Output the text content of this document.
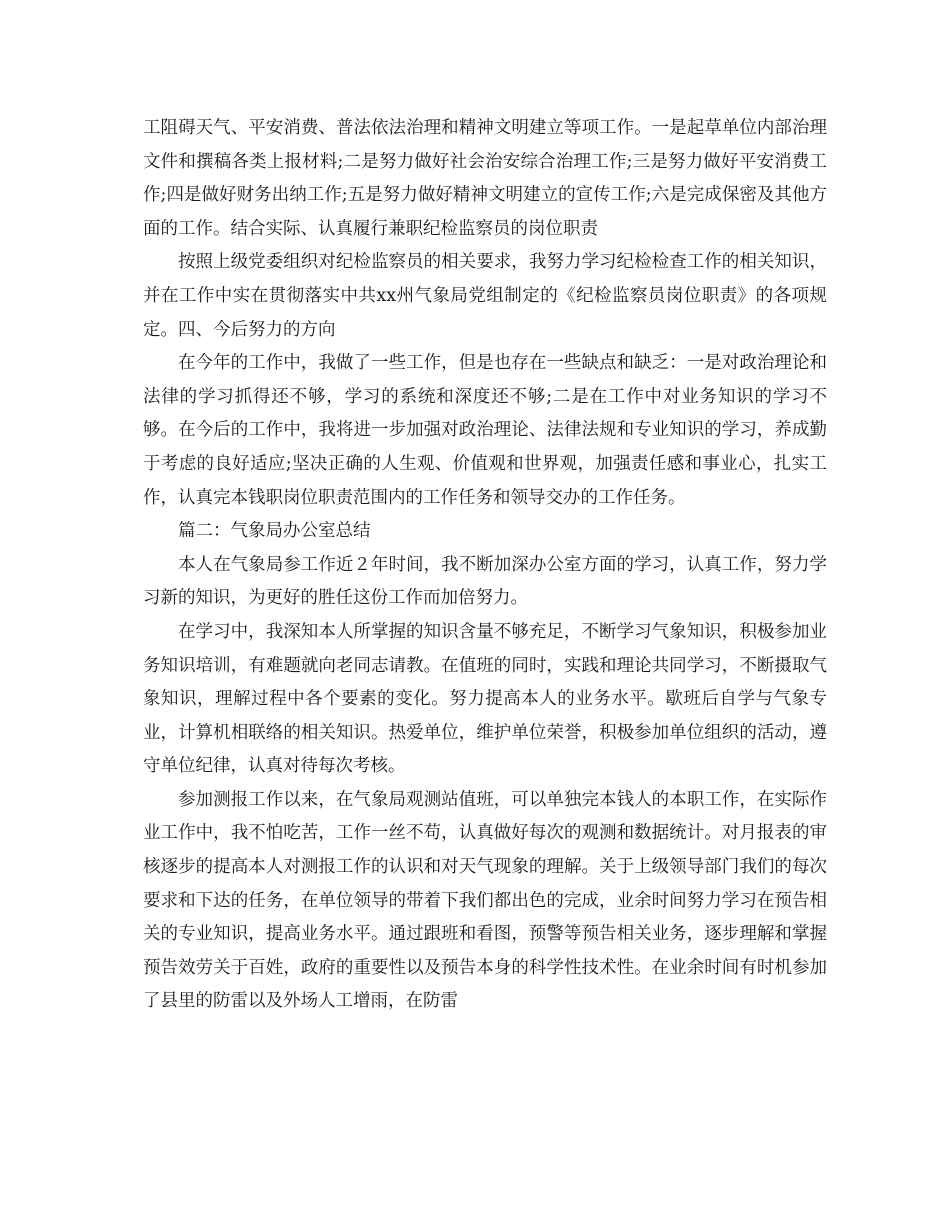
工阻碍天气、平安消费、普法依法治理和精神文明建立等项工作。一是起草单位内部治理文件和撰稿各类上报材料;二是努力做好社会治安综合治理工作;三是努力做好平安消费工作;四是做好财务出纳工作;五是努力做好精神文明建立的宣传工作;六是完成保密及其他方面的工作。结合实际、认真履行兼职纪检监察员的岗位职责

按照上级党委组织对纪检监察员的相关要求，我努力学习纪检检查工作的相关知识，并在工作中实在贯彻落实中共xx州气象局党组制定的《纪检监察员岗位职责》的各项规定。四、今后努力的方向

在今年的工作中，我做了一些工作，但是也存在一些缺点和缺乏：一是对政治理论和法律的学习抓得还不够，学习的系统和深度还不够;二是在工作中对业务知识的学习不够。在今后的工作中，我将进一步加强对政治理论、法律法规和专业知识的学习，养成勤于考虑的良好适应;坚决正确的人生观、价值观和世界观，加强责任感和事业心，扎实工作，认真完本钱职岗位职责范围内的工作任务和领导交办的工作任务。

篇二：气象局办公室总结

本人在气象局参工作近２年时间，我不断加深办公室方面的学习，认真工作，努力学习新的知识，为更好的胜任这份工作而加倍努力。

在学习中，我深知本人所掌握的知识含量不够充足，不断学习气象知识，积极参加业务知识培训，有难题就向老同志请教。在值班的同时，实践和理论共同学习，不断摄取气象知识，理解过程中各个要素的变化。努力提高本人的业务水平。歇班后自学与气象专业，计算机相联络的相关知识。热爱单位，维护单位荣誉，积极参加单位组织的活动，遵守单位纪律，认真对待每次考核。

参加测报工作以来，在气象局观测站值班，可以单独完本钱人的本职工作，在实际作业工作中，我不怕吃苦，工作一丝不苟，认真做好每次的观测和数据统计。对月报表的审核逐步的提高本人对测报工作的认识和对天气现象的理解。关于上级领导部门我们的每次要求和下达的任务，在单位领导的带着下我们都出色的完成，业余时间努力学习在预告相关的专业知识，提高业务水平。通过跟班和看图，预警等预告相关业务，逐步理解和掌握预告效劳关于百姓，政府的重要性以及预告本身的科学性技术性。在业余时间有时机参加了县里的防雷以及外场人工增雨，在防雷
